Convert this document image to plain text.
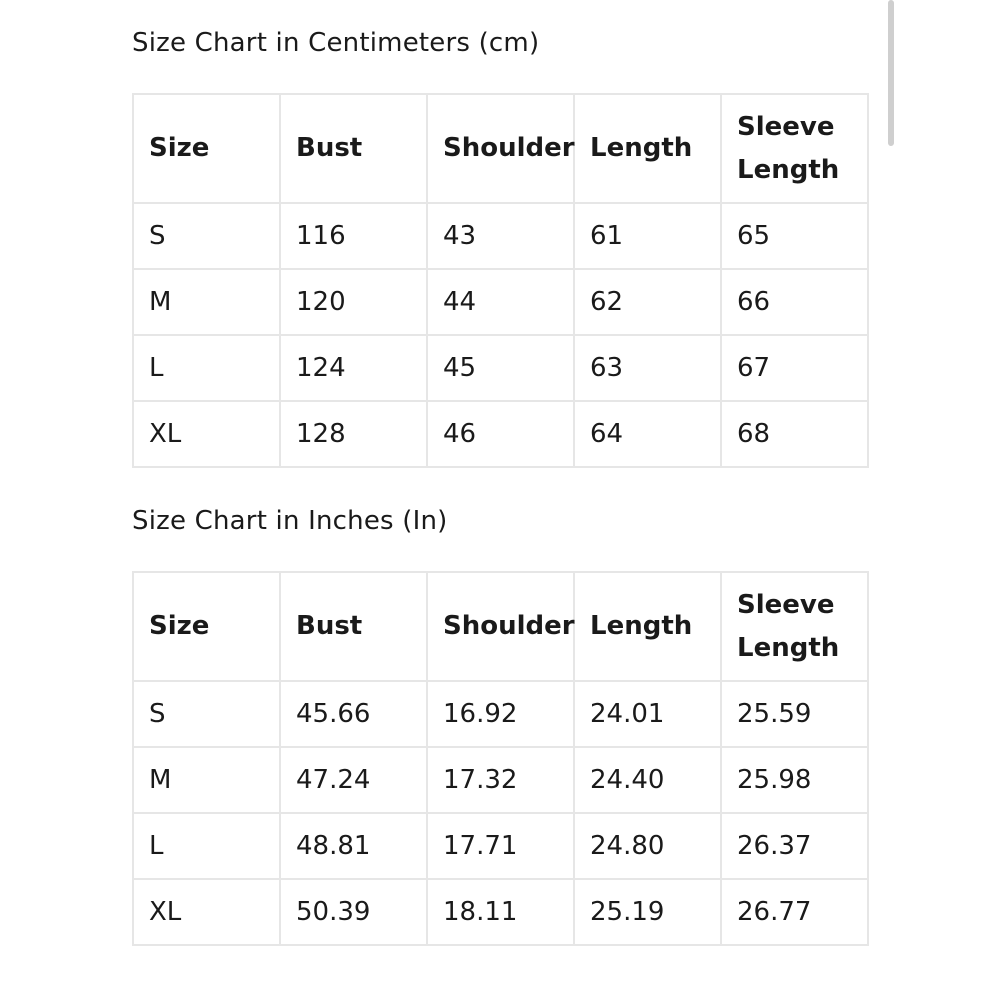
Size Chart in Centimeters (cm)
Size	Bust	Shoulder	Length	Sleeve
Length

S	116	43	61	65
M	120	44	62	66
L	124	45	63	67
XL	128	46	64	68
Size Chart in Inches (In)
Size	Bust	Shoulder	Length	Sleeve
Length

S	45.66	16.92	24.01	25.59
M	47.24	17.32	24.40	25.98
L	48.81	17.71	24.80	26.37
XL	50.39	18.11	25.19	26.77
